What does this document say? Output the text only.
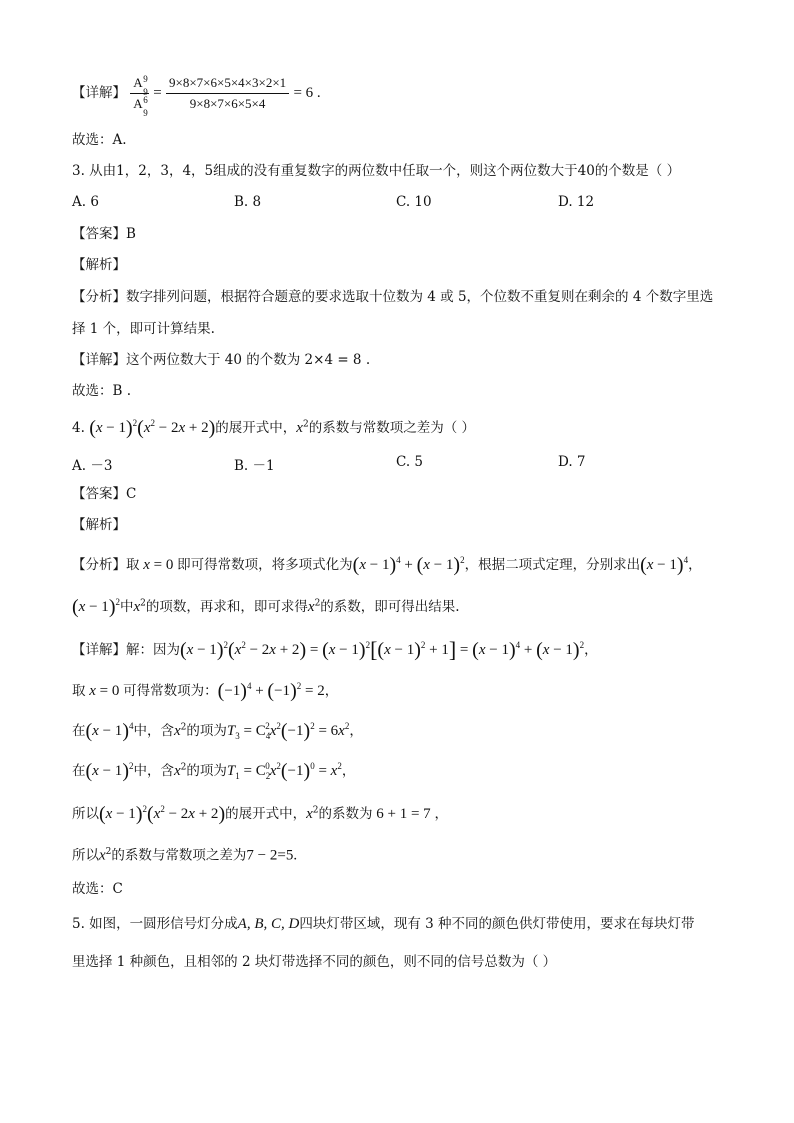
【详解】 A 9
9

A 6
9
= $\frac{9\times 8\times 7\times 6\times 5\times 4\times 3\times 2\times 1}{9\times 8\times 7\times 6\times 5\times 4} = 6$ .
故选：A.
3. 从由1，2，3，4，5组成的没有重复数字的两位数中任取一个，则这个两位数大于40的个数是（ ）
A. 6	B. 8	C. 10	D. 12
【答案】B
【解析】
【分析】数字排列问题，根据符合题意的要求选取十位数为 4 或 5，个位数不重复则在剩余的 4 个数字里选
择 1 个，即可计算结果.
【详解】这个两位数大于 40 的个数为 2×4 = 8 .
故选：B .
4. $(x - 1)^2(x^2 - 2x + 2)$的展开式中，$x^2$的系数与常数项之差为（ ）
A. －3	B. －1	C. 5	D. 7
【答案】C
【解析】
【分析】取 x = 0 即可得常数项，将多项式化为$(x - 1)^4 + (x - 1)^2$，根据二项式定理，分别求出$(x - 1)^4$，
$(x - 1)^2$中$x^2$的项数，再求和，即可求得$x^2$的系数，即可得出结果.
【详解】解：因为$(x - 1)^2(x^2 - 2x + 2) = (x - 1)^2[(x - 1)^2 + 1] = (x - 1)^4 + (x - 1)^2$，
取 x = 0 可得常数项为：$(-1)^4 + (-1)^2 = 2$，
在$(x - 1)^4$中，含$x^2$的项为$T_3 = C_4^2x^2(-1)^2 = 6x^2$，
在$(x - 1)^2$中，含$x^2$的项为$T_1 = C_2^0x^2(-1)^0 = x^2$，
所以$(x - 1)^2(x^2 - 2x + 2)$的展开式中，$x^2$的系数为 6 + 1 = 7 ，
所以$x^2$的系数与常数项之差为7 − 2=5.
故选：C
5. 如图，一圆形信号灯分成A, B, C, D四块灯带区域，现有 3 种不同的颜色供灯带使用，要求在每块灯带
里选择 1 种颜色，且相邻的 2 块灯带选择不同的颜色，则不同的信号总数为（ ）
